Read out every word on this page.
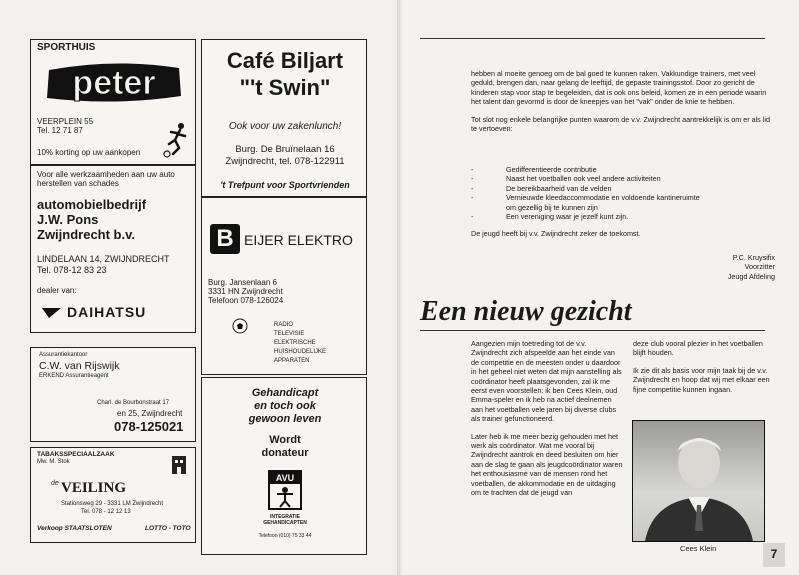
SPORTHUIS
peter
VEERPLEIN 55
Tel. 12 71 87
10% korting op uw aankopen
Café Biljart
"'t Swin"
Ook voor uw zakenlunch!
Burg. De Bruïnelaan 16
Zwijndrecht, tel. 078-122911
't Trefpunt voor Sportvrienden
Voor alle werkzaamheden aan uw auto
herstellen van schades
automobielbedrijf
J.W. Pons
Zwijndrecht b.v.
LINDELAAN 14, ZWIJNDRECHT
Tel. 078-12 83 23
dealer van:
DAIHATSU
B EIJER ELEKTRO
Burg. Jansenlaan 6
3331 HN Zwijndrecht
Telefoon 078-126024
RADIO
TELEVISIE
ELEKTRISCHE
HUISHOUDELIJKE
APPARATEN
Assurantiekantoor
C.W. van Rijswijk
ERKEND Assurantieagent
Charl. de Bourbonstraat 17
en 25, Zwijndrecht
078-125021
Gehandicapt
en toch ook
gewoon leven
Wordt
donateur
AVU
INTEGRATIE
GEHANDICAPTEN
Telefoon (010) 75 33 44
TABAKSSPECIAALZAAK
Mw. M. Stok
de VEILING
Stationsweg 29 - 3331 LM Zwijndrecht
Tel. 078 - 12 12 13
Verkoop STAATSLOTEN	LOTTO - TOTO

hebben al moeite genoeg om de bal goed te kunnen raken. Vakkundige trainers, met veel geduld, brengen dan, naar gelang de leeftijd, de gepaste trainingsstof. Door zo gericht de kinderen stap voor stap te begeleiden, dat is ook ons beleid, komen ze in een periode waarin het talent dan gevormd is door de kneepjes van het "vak" onder de knie te hebben.

Tot slot nog enkele belangrijke punten waarom de v.v. Zwijndrecht aantrekkelijk is om er als lid te vertoeven:

- Gedifferentieerde contributie
- Naast het voetballen ook veel andere activiteiten
- De bereikbaarheid van de velden
- Vernieuwde kleedaccommodatie en voldoende kantineruimte om gezellig bij te kunnen zijn
- Een vereniging waar je jezelf kunt zijn.
De jeugd heeft bij v.v. Zwijndrecht zeker de toekomst.
P.C. Kruysifix
Voorzitter
Jeugd Afdeling
Een nieuw gezicht

Aangezien mijn toetreding tot de v.v. Zwijndrecht zich afspeelde aan het einde van de competitie en de meesten onder u daardoor in het geheel niet weten dat mijn aanstelling als coördinator heeft plaatsgevonden, zal ik me eerst even voorstellen: ik ben Cees Klein, oud Emma-speler en ik heb na actief deelnemen aan het voetballen vele jaren bij diverse clubs als trainer gefunctioneerd.

Later heb ik me meer bezig gehouden met het werk als coördinator. Wat me vooral bij Zwijndrecht aantrok en deed besluiten om hier aan de slag te gaan als jeugdcoördinator waren het enthousiasme van de mensen rond het voetballen, de akkommodatie en de uitdaging om te trachten dat de jeugd van

deze club vooral plezier in het voetballen blijft houden.

Ik zie dit als basis voor mijn taak bij de v.v. Zwijndrecht en hoop dat wij met elkaar een fijne competitie kunnen ingaan.

Cees Klein	7
